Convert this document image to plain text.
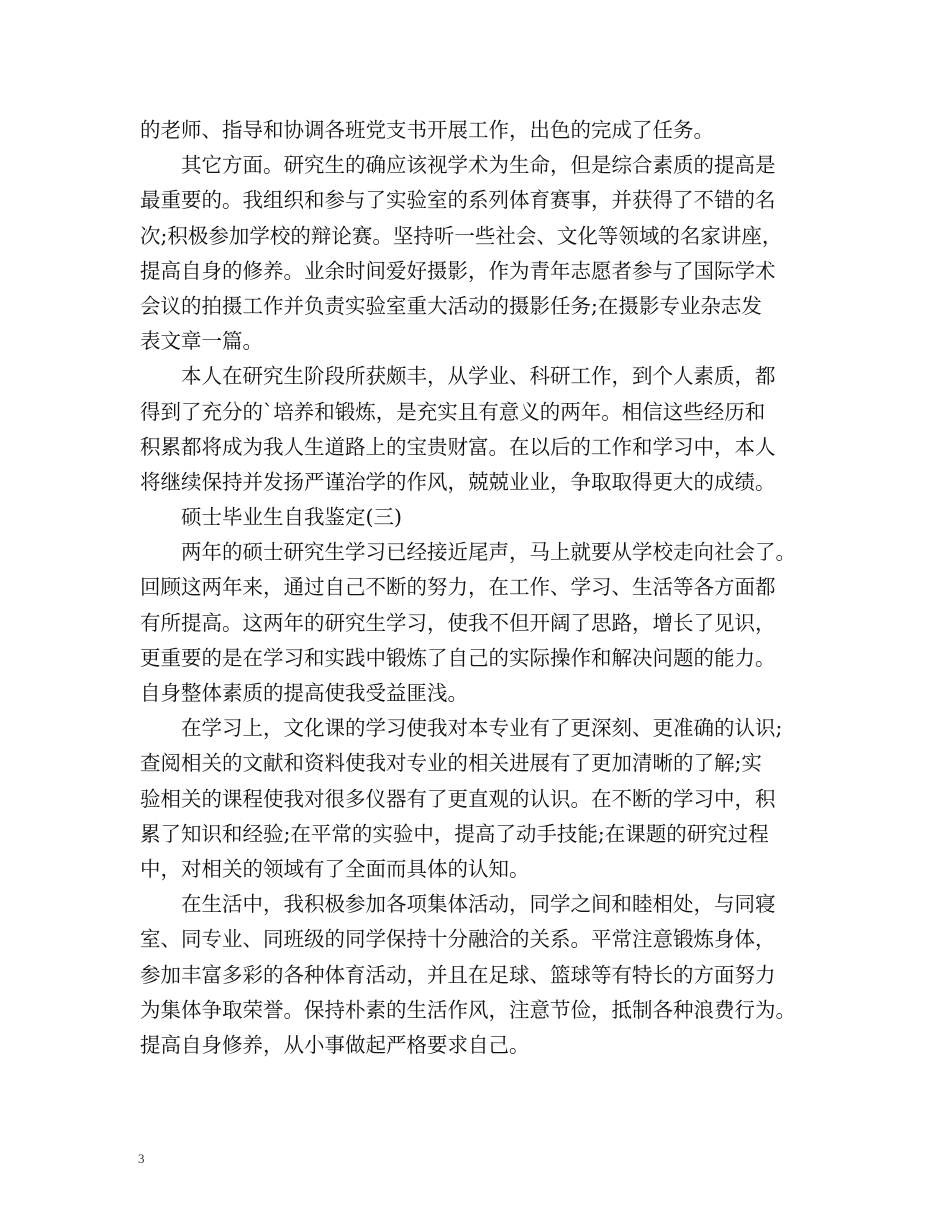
的老师、指导和协调各班党支书开展工作，出色的完成了任务。
　　其它方面。研究生的确应该视学术为生命，但是综合素质的提高是
最重要的。我组织和参与了实验室的系列体育赛事，并获得了不错的名
次;积极参加学校的辩论赛。坚持听一些社会、文化等领域的名家讲座，
提高自身的修养。业余时间爱好摄影，作为青年志愿者参与了国际学术
会议的拍摄工作并负责实验室重大活动的摄影任务;在摄影专业杂志发
表文章一篇。
　　本人在研究生阶段所获颇丰，从学业、科研工作，到个人素质，都
得到了充分的`培养和锻炼，是充实且有意义的两年。相信这些经历和
积累都将成为我人生道路上的宝贵财富。在以后的工作和学习中，本人
将继续保持并发扬严谨治学的作风，兢兢业业，争取取得更大的成绩。
　　硕士毕业生自我鉴定(三)
　　两年的硕士研究生学习已经接近尾声，马上就要从学校走向社会了。
回顾这两年来，通过自己不断的努力，在工作、学习、生活等各方面都
有所提高。这两年的研究生学习，使我不但开阔了思路，增长了见识，
更重要的是在学习和实践中锻炼了自己的实际操作和解决问题的能力。
自身整体素质的提高使我受益匪浅。
　　在学习上，文化课的学习使我对本专业有了更深刻、更准确的认识;
查阅相关的文献和资料使我对专业的相关进展有了更加清晰的了解;实
验相关的课程使我对很多仪器有了更直观的认识。在不断的学习中，积
累了知识和经验;在平常的实验中，提高了动手技能;在课题的研究过程
中，对相关的领域有了全面而具体的认知。
　　在生活中，我积极参加各项集体活动，同学之间和睦相处，与同寝
室、同专业、同班级的同学保持十分融洽的关系。平常注意锻炼身体，
参加丰富多彩的各种体育活动，并且在足球、篮球等有特长的方面努力
为集体争取荣誉。保持朴素的生活作风，注意节俭，抵制各种浪费行为。
提高自身修养，从小事做起严格要求自己。
3
